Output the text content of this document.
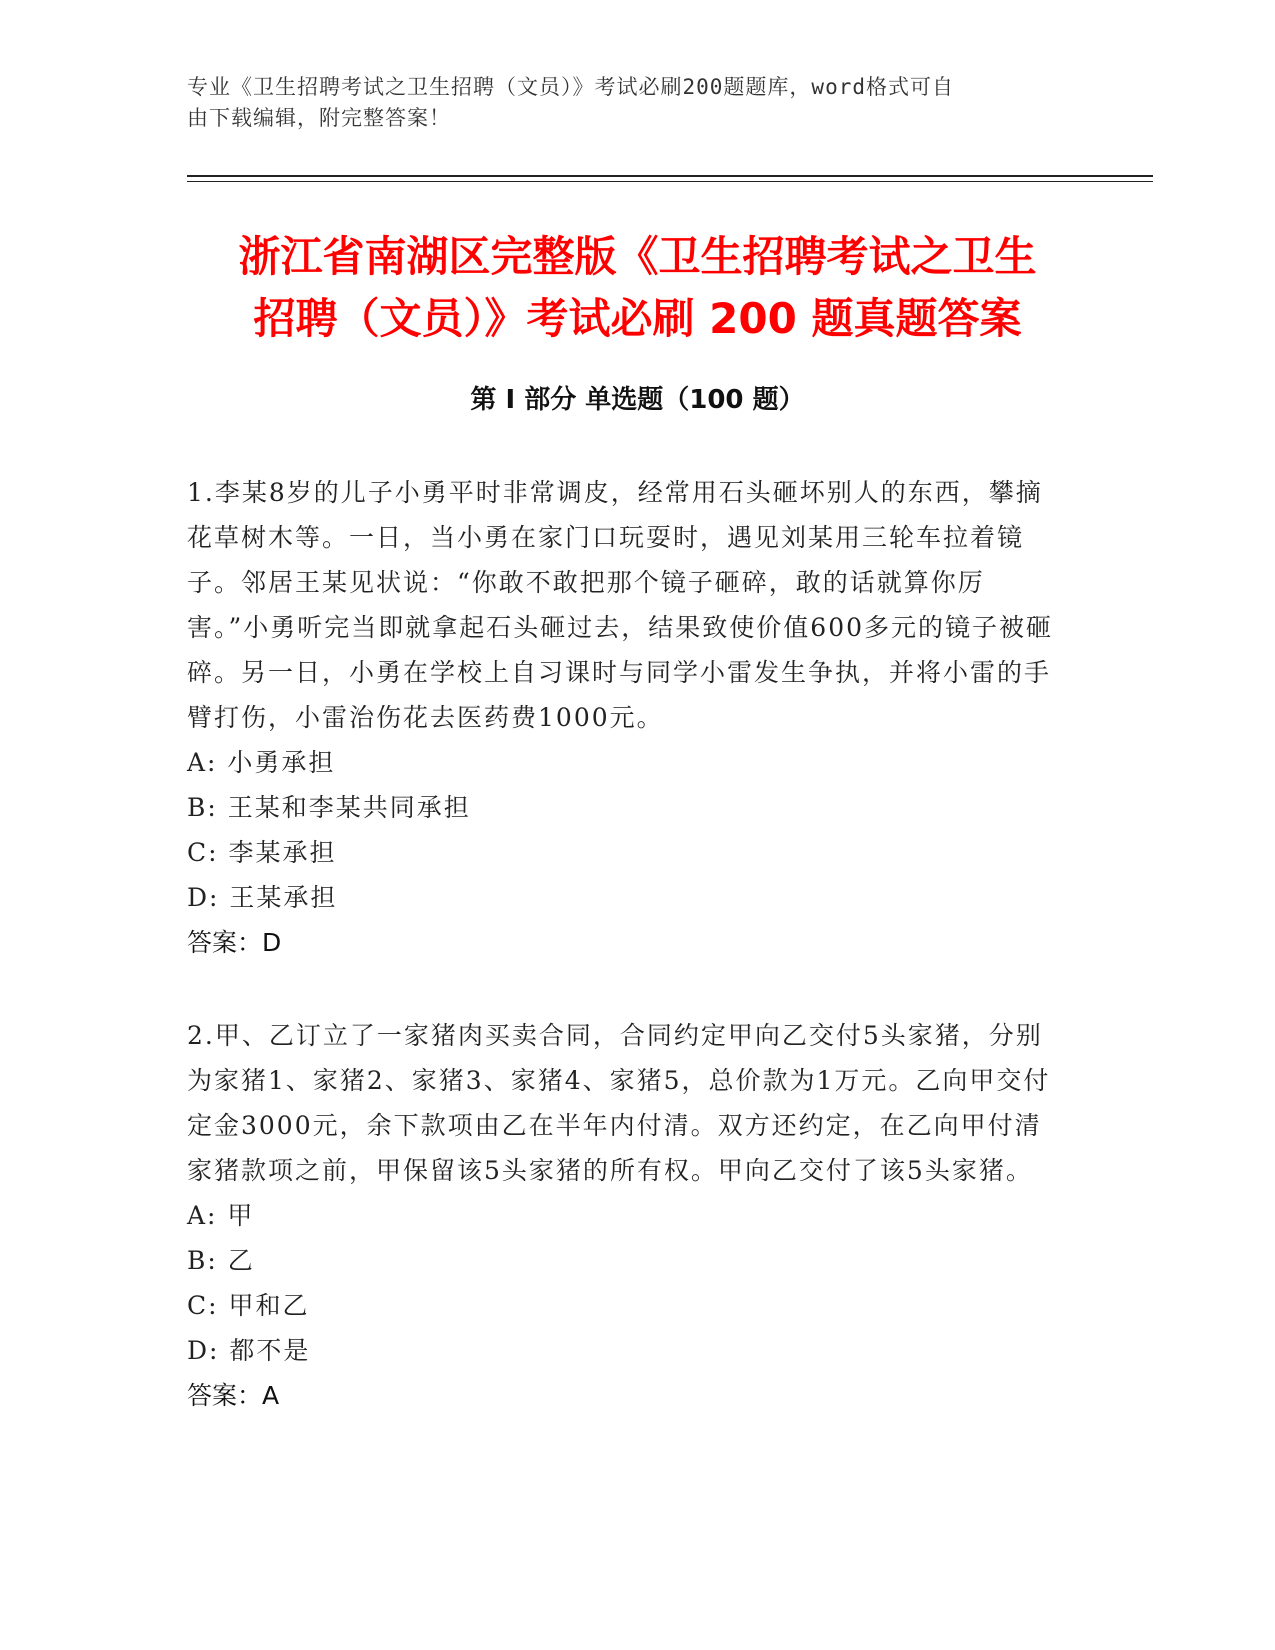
专业《卫生招聘考试之卫生招聘（文员）》考试必刷200题题库，word格式可自
由下载编辑，附完整答案！
浙江省南湖区完整版《卫生招聘考试之卫生
招聘（文员）》考试必刷 200 题真题答案
第 I 部分 单选题（100 题）

1.李某8岁的儿子小勇平时非常调皮，经常用石头砸坏别人的东西，攀摘花草树木等。一日，当小勇在家门口玩耍时，遇见刘某用三轮车拉着镜子。邻居王某见状说：“你敢不敢把那个镜子砸碎，敢的话就算你厉害。”小勇听完当即就拿起石头砸过去，结果致使价值600多元的镜子被砸碎。另一日，小勇在学校上自习课时与同学小雷发生争执，并将小雷的手臂打伤，小雷治伤花去医药费1000元。

A: 小勇承担
B: 王某和李某共同承担
C: 李某承担
D: 王某承担
答案：D

2.甲、乙订立了一家猪肉买卖合同，合同约定甲向乙交付5头家猪，分别为家猪1、家猪2、家猪3、家猪4、家猪5，总价款为1万元。乙向甲交付定金3000元，余下款项由乙在半年内付清。双方还约定，在乙向甲付清家猪款项之前，甲保留该5头家猪的所有权。甲向乙交付了该5头家猪。

A: 甲
B: 乙
C: 甲和乙
D: 都不是
答案：A
